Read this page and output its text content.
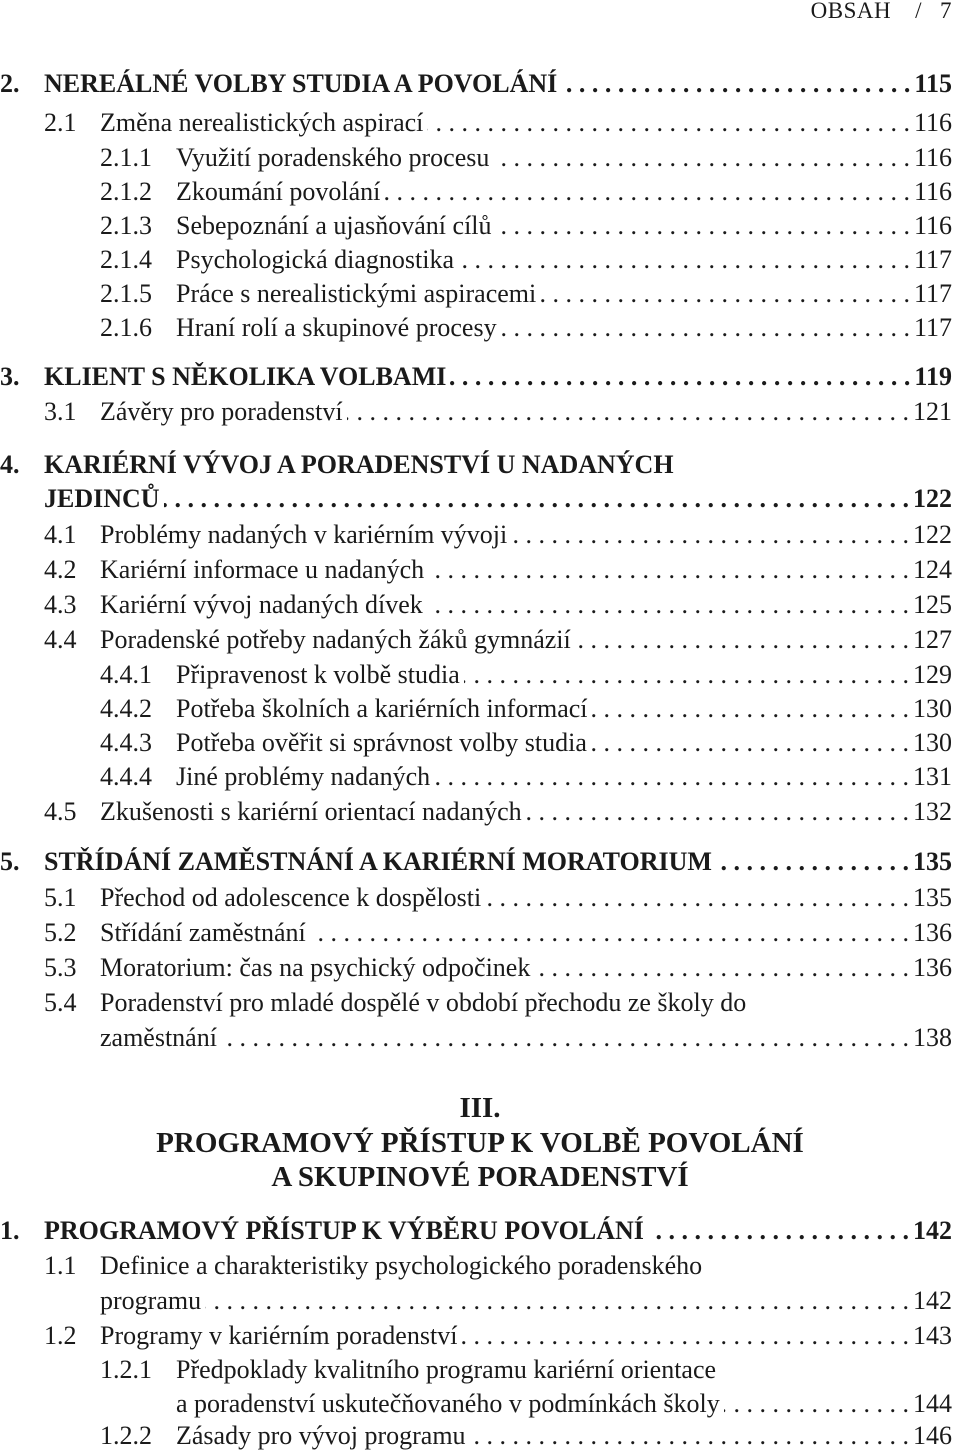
OBSAH / 7
2. NEREÁLNÉ VOLBY STUDIA A POVOLÁNÍ . . .	115
2.1 Změna nerealistických aspirací . . .	116
2.1.1 Využití poradenského procesu . . .	116
2.1.2 Zkoumání povolání . . .	116
2.1.3 Sebepoznání a ujasňování cílů . . .	116
2.1.4 Psychologická diagnostika . . .	117
2.1.5 Práce s nerealistickými aspiracemi . . .	117
2.1.6 Hraní rolí a skupinové procesy . . .	117
3. KLIENT S NĚKOLIKA VOLBAMI . . .	119
3.1 Závěry pro poradenství . . .	121
4. KARIÉRNÍ VÝVOJ A PORADENSTVÍ U NADANÝCH
JEDINCŮ . . .	122
4.1 Problémy nadaných v kariérním vývoji . . .	122
4.2 Kariérní informace u nadaných . . .	124
4.3 Kariérní vývoj nadaných dívek . . .	125
4.4 Poradenské potřeby nadaných žáků gymnázií . . .	127
4.4.1 Připravenost k volbě studia . . .	129
4.4.2 Potřeba školních a kariérních informací . . .	130
4.4.3 Potřeba ověřit si správnost volby studia . . .	130
4.4.4 Jiné problémy nadaných . . .	131
4.5 Zkušenosti s kariérní orientací nadaných . . .	132
5. STŘÍDÁNÍ ZAMĚSTNÁNÍ A KARIÉRNÍ MORATORIUM . . .	135
5.1 Přechod od adolescence k dospělosti . . .	135
5.2 Střídání zaměstnání . . .	136
5.3 Moratorium: čas na psychický odpočinek . . .	136
5.4 Poradenství pro mladé dospělé v období přechodu ze školy do
zaměstnání . . .	138
III.
PROGRAMOVÝ PŘÍSTUP K VOLBĚ POVOLÁNÍ
A SKUPINOVÉ PORADENSTVÍ
1. PROGRAMOVÝ PŘÍSTUP K VÝBĚRU POVOLÁNÍ . . .	142
1.1 Definice a charakteristiky psychologického poradenského
programu . . .	142
1.2 Programy v kariérním poradenství . . .	143
1.2.1 Předpoklady kvalitního programu kariérní orientace
a poradenství uskutečňovaného v podmínkách školy . . .	144
1.2.2 Zásady pro vývoj programu . . .	146
